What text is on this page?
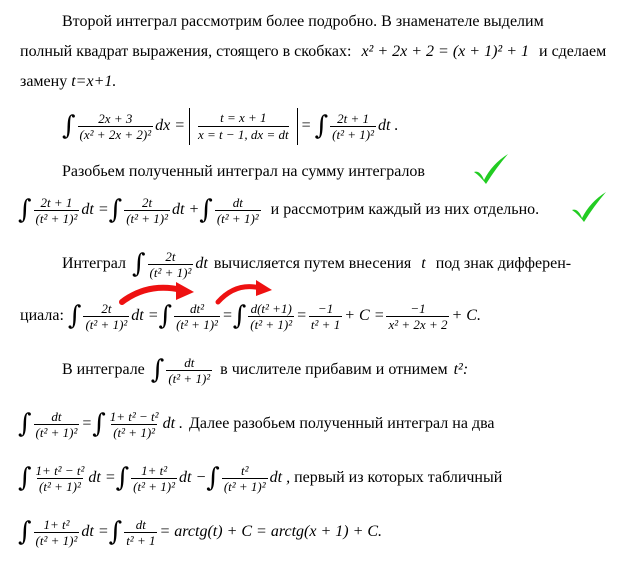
Второй интеграл рассмотрим более подробно. В знаменателе выделим
полный квадрат выражения, стоящего в скобках: x² + 2x + 2 = (x + 1)² + 1 и сделаем
замену t=x+1.
∫ $\frac{2x + 3}{\text{(x² + 2x + 2)²}}$ dx = $\frac{t = x + 1}{x = t - 1, dx = dt}$ = ∫ $\frac{2t + 1}{\text{(t² + 1)²}}$ dt .
Разобьем полученный интеграл на сумму интегралов
∫ $\frac{2t + 1}{\text{(t² + 1)²}}$ dt = ∫ $\frac{2t}{\text{(t² + 1)²}}$ dt + ∫ $\frac{dt}{\text{(t² + 1)²}}$ и рассмотрим каждый из них отдельно.
Интеграл ∫ $\frac{2t}{\text{(t² + 1)²}}$ dt вычисляется путем внесения t под знак дифферен-
циала: ∫ $\frac{2t}{\text{(t² + 1)²}}$ dt = ∫ $\frac{\text{dt²}}{\text{(t² + 1)²}}$ = ∫ $\frac{\text{d(t² +1)}}{\text{(t² + 1)²}} = \frac{-1}{\text{t² + 1}} + C = \frac{-1}{\text{x² + 2x + 2}} + C$.
В интеграле ∫ $\frac{dt}{\text{(t² + 1)²}}$ в числителе прибавим и отнимем t²:
∫ $\frac{dt}{\text{(t² + 1)²}}$ = ∫ $\frac{\text{1+ t² − t²}}{\text{(t² + 1)²}}$ dt . Далее разобьем полученный интеграл на два
∫ $\frac{\text{1+ t² − t²}}{\text{(t² + 1)²}}$ dt = ∫ $\frac{\text{1+ t²}}{\text{(t² + 1)²}}$ dt − ∫ $\frac{\text{t²}}{\text{(t² + 1)²}}$ dt , первый из которых табличный
∫ $\frac{\text{1+ t²}}{\text{(t² + 1)²}}$ dt = ∫ $\frac{dt}{\text{t² + 1}}$ = arctg(t) + C = arctg(x + 1) + C.
